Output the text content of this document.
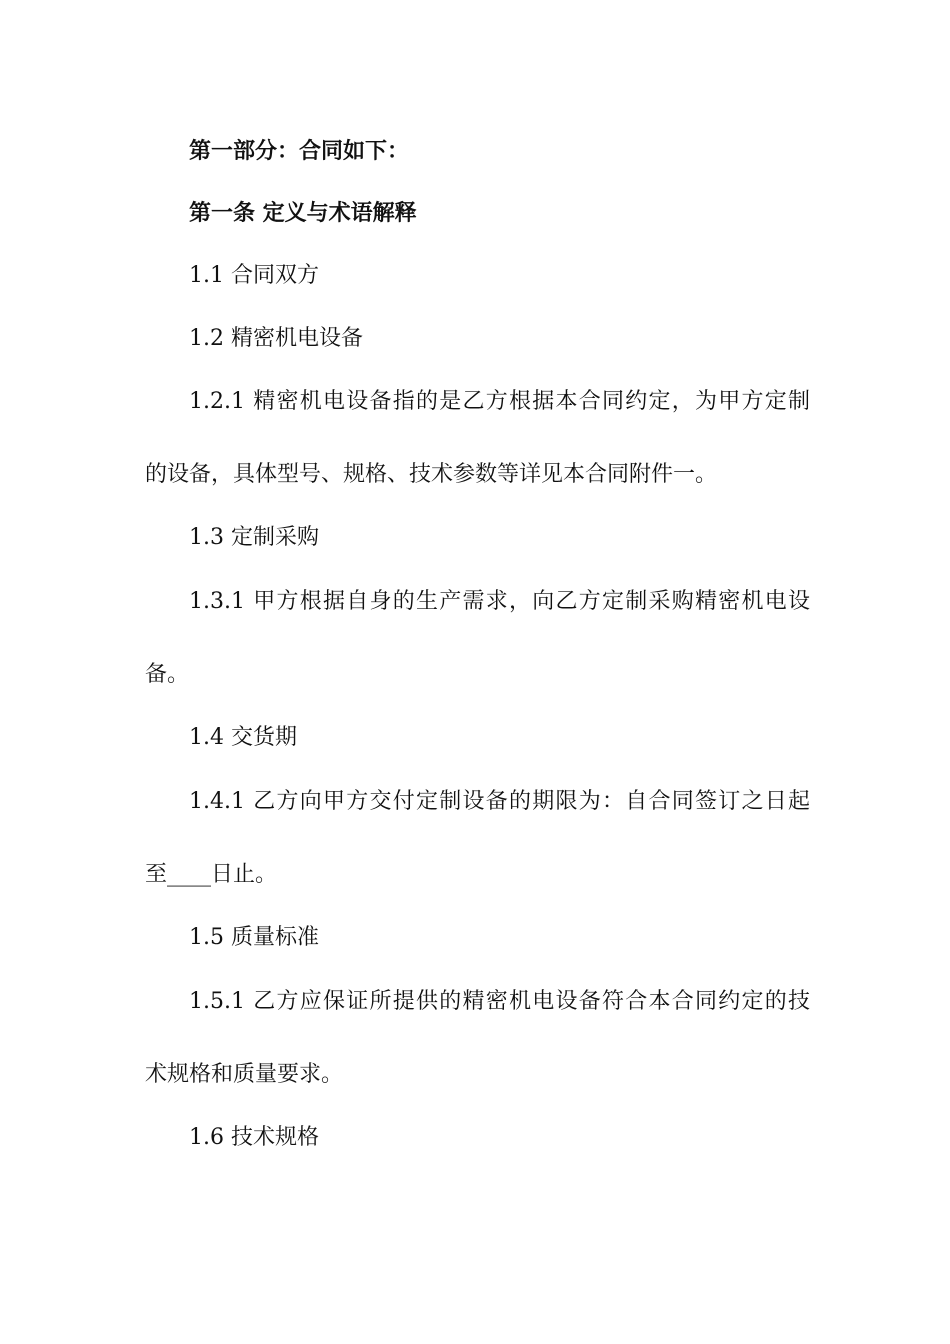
第一部分：合同如下：
第一条 定义与术语解释
1.1 合同双方
1.2 精密机电设备
1.2.1 精密机电设备指的是乙方根据本合同约定，为甲方定制
的设备，具体型号、规格、技术参数等详见本合同附件一。
1.3 定制采购
1.3.1 甲方根据自身的生产需求，向乙方定制采购精密机电设
备。
1.4 交货期
1.4.1 乙方向甲方交付定制设备的期限为：自合同签订之日起
至____日止。
1.5 质量标准
1.5.1 乙方应保证所提供的精密机电设备符合本合同约定的技
术规格和质量要求。
1.6 技术规格
